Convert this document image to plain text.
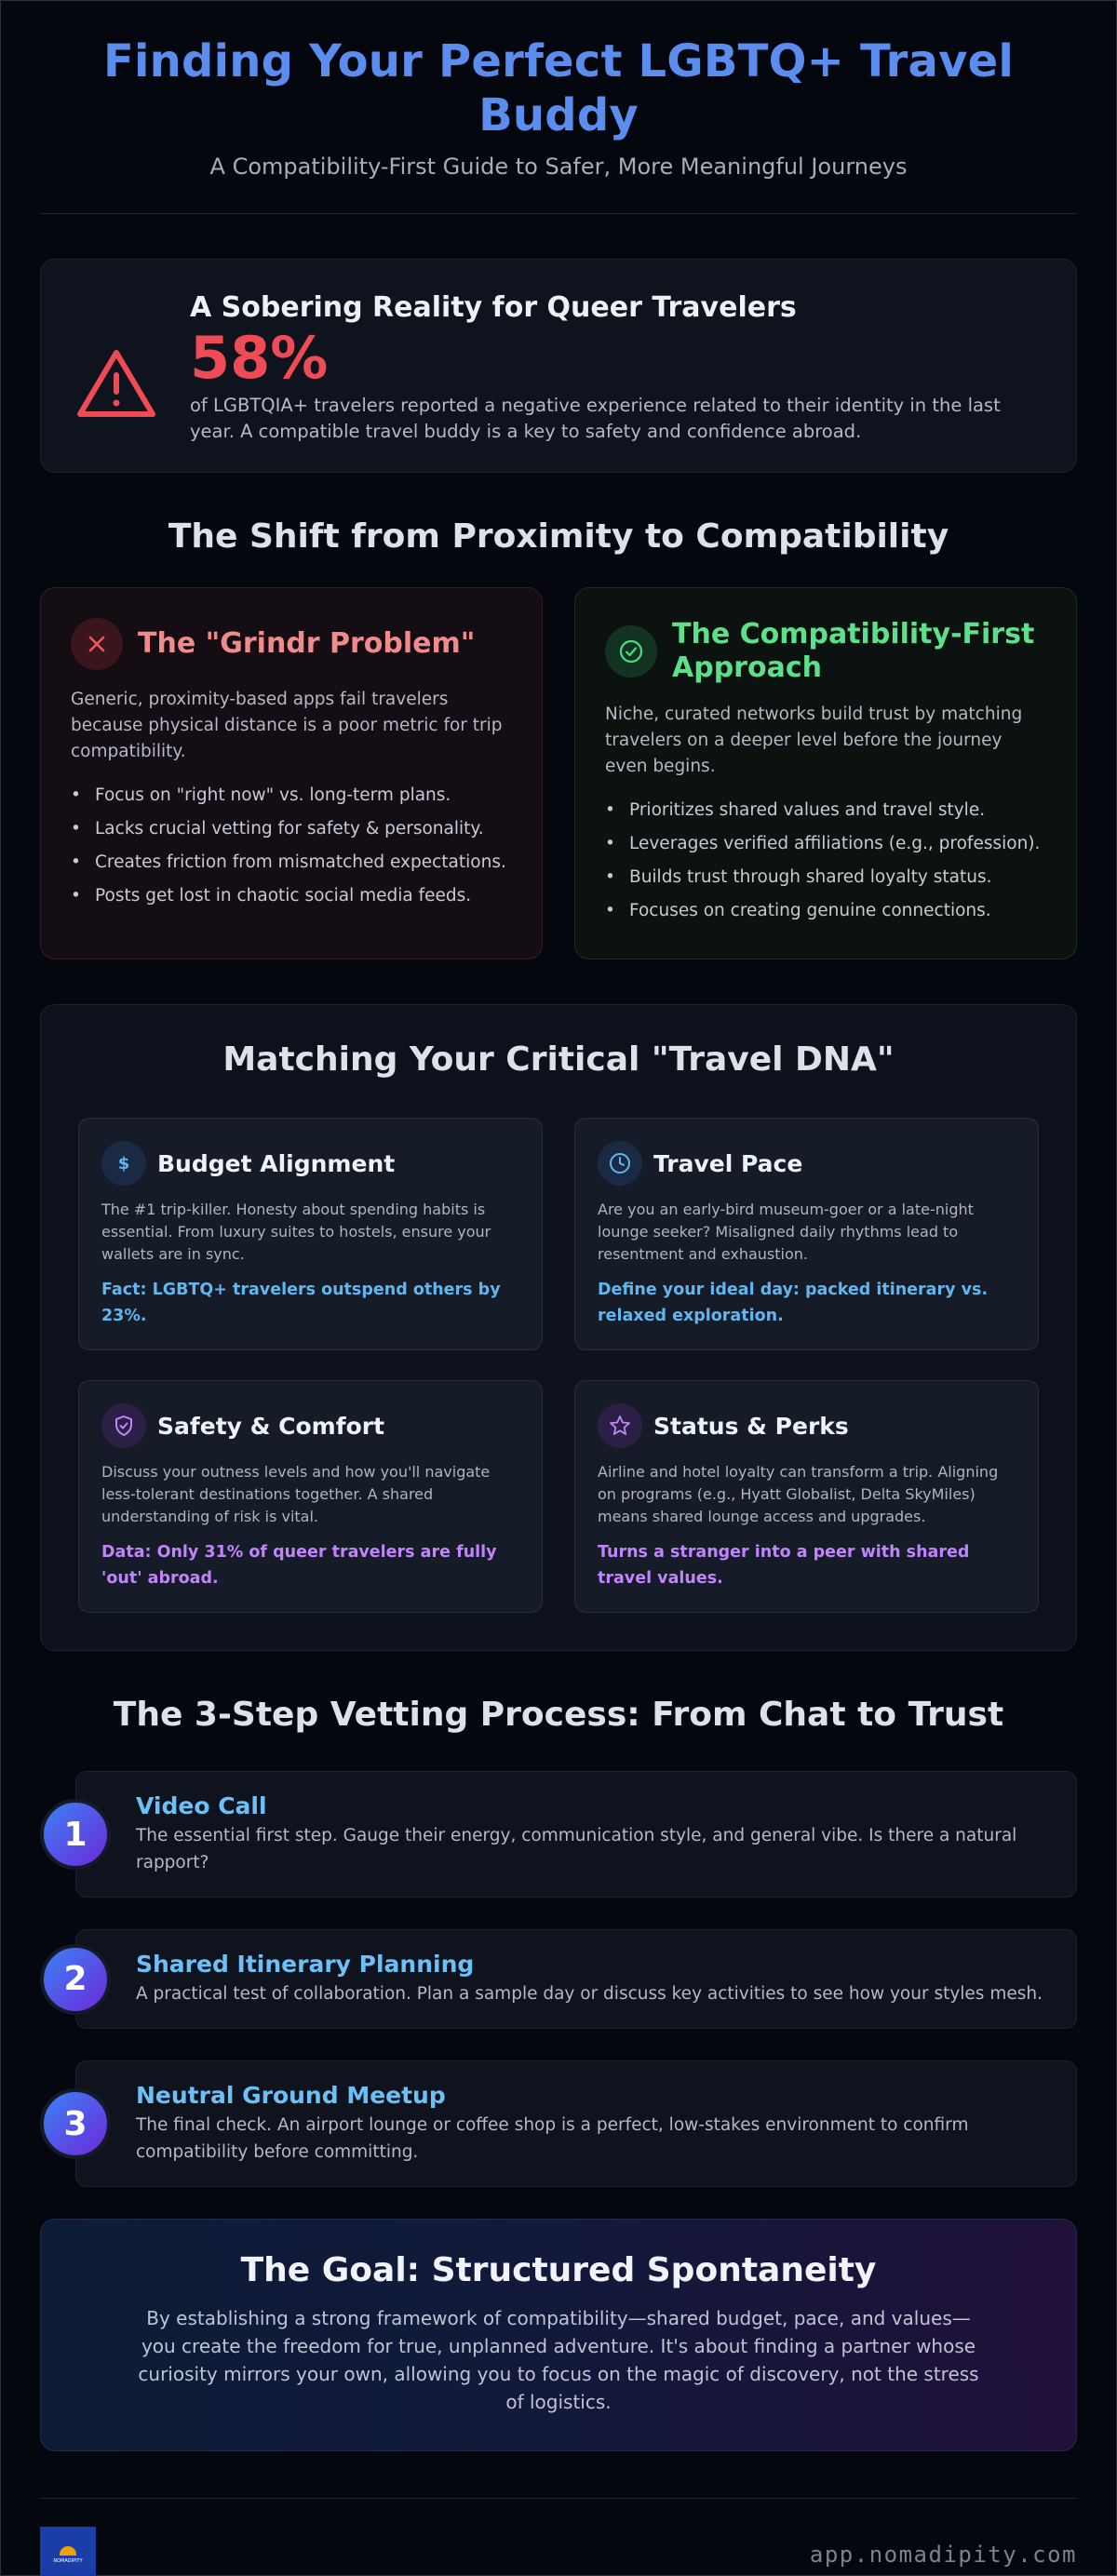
Finding Your Perfect LGBTQ+ Travel Buddy
A Compatibility-First Guide to Safer, More Meaningful Journeys
A Sobering Reality for Queer Travelers
58%

of LGBTQIA+ travelers reported a negative experience related to their identity in the last year. A compatible travel buddy is a key to safety and confidence abroad.

The Shift from Proximity to Compatibility
The "Grindr Problem"

Generic, proximity-based apps fail travelers because physical distance is a poor metric for trip compatibility.

• Focus on "right now" vs. long-term plans.
• Lacks crucial vetting for safety & personality.
• Creates friction from mismatched expectations.
• Posts get lost in chaotic social media feeds.
The Compatibility-First Approach

Niche, curated networks build trust by matching travelers on a deeper level before the journey even begins.

• Prioritizes shared values and travel style.
• Leverages verified affiliations (e.g., profession).
• Builds trust through shared loyalty status.
• Focuses on creating genuine connections.
Matching Your Critical "Travel DNA"
$ Budget Alignment

The #1 trip-killer. Honesty about spending habits is essential. From luxury suites to hostels, ensure your wallets are in sync.

Fact: LGBTQ+ travelers outspend others by 23%.
Travel Pace

Are you an early-bird museum-goer or a late-night lounge seeker? Misaligned daily rhythms lead to resentment and exhaustion.

Define your ideal day: packed itinerary vs. relaxed exploration.
Safety & Comfort

Discuss your outness levels and how you'll navigate less-tolerant destinations together. A shared understanding of risk is vital.

Data: Only 31% of queer travelers are fully 'out' abroad.
Status & Perks

Airline and hotel loyalty can transform a trip. Aligning on programs (e.g., Hyatt Globalist, Delta SkyMiles) means shared lounge access and upgrades.

Turns a stranger into a peer with shared travel values.
The 3-Step Vetting Process: From Chat to Trust
1
Video Call

The essential first step. Gauge their energy, communication style, and general vibe. Is there a natural rapport?

2	Shared Itinerary Planning

A practical test of collaboration. Plan a sample day or discuss key activities to see how your styles mesh.

3
Neutral Ground Meetup

The final check. An airport lounge or coffee shop is a perfect, low-stakes environment to confirm compatibility before committing.

The Goal: Structured Spontaneity

By establishing a strong framework of compatibility—shared budget, pace, and values—you create the freedom for true, unplanned adventure. It's about finding a partner whose curiosity mirrors your own, allowing you to focus on the magic of discovery, not the stress of logistics.

NOMADIPITY	app.nomadipity.com
